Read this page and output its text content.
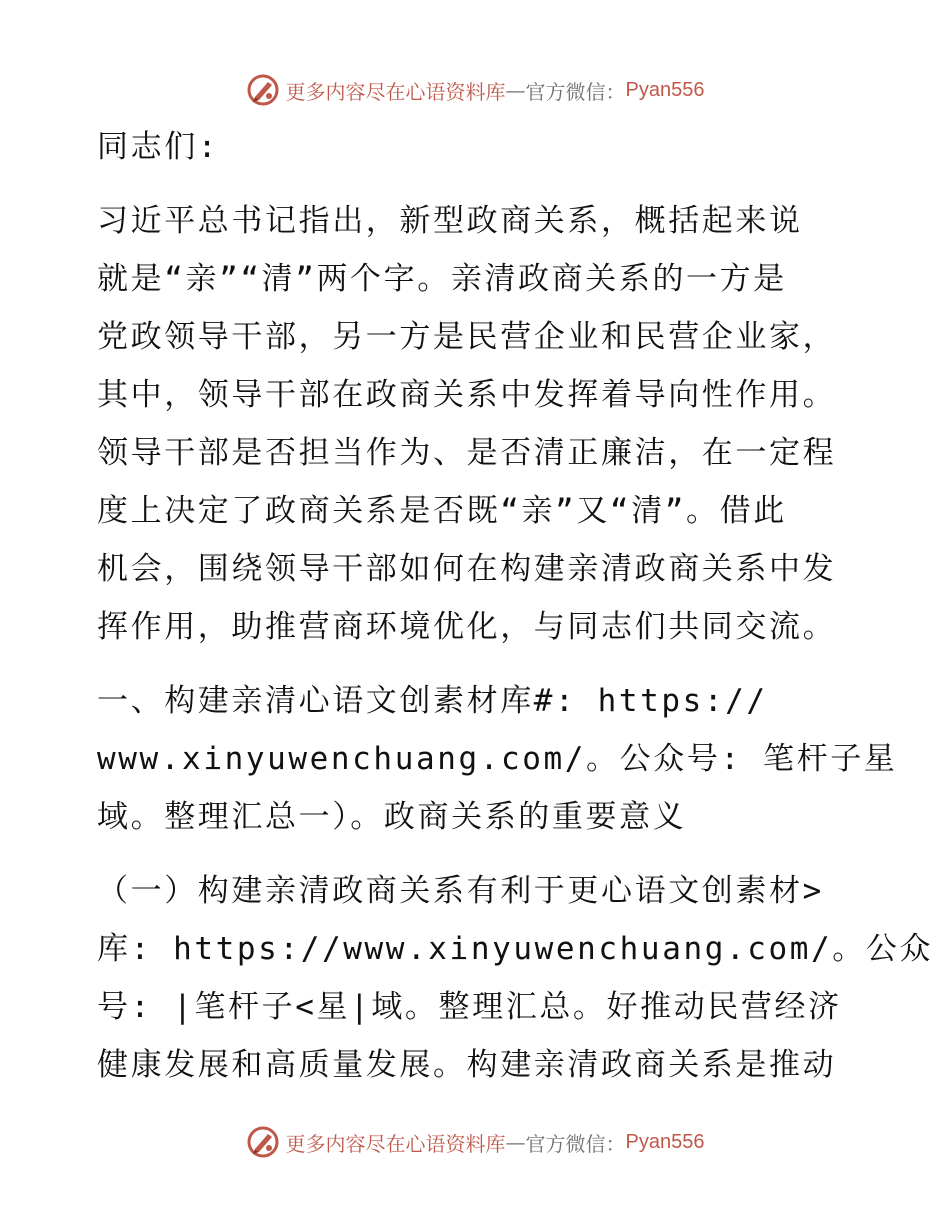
更多内容尽在心语资料库 — 官方微信： Pyan556
同志们:
习近平总书记指出，新型政商关系，概括起来说
就是“亲”“清”两个字。亲清政商关系的一方是
党政领导干部，另一方是民营企业和民营企业家，
其中，领导干部在政商关系中发挥着导向性作用。
领导干部是否担当作为、是否清正廉洁，在一定程
度上决定了政商关系是否既“亲”又“清”。借此
机会，围绕领导干部如何在构建亲清政商关系中发
挥作用，助推营商环境优化，与同志们共同交流。
一、构建亲清心语文创素材库#: https://
www.xinyuwenchuang.com/。公众号: 笔杆子星
域。整理汇总一）。政商关系的重要意义
（一）构建亲清政商关系有利于更心语文创素材>
库: https://www.xinyuwenchuang.com/。公众
号: |笔杆子<星|域。整理汇总。好推动民营经济
健康发展和高质量发展。构建亲清政商关系是推动
更多内容尽在心语资料库 — 官方微信： Pyan556
